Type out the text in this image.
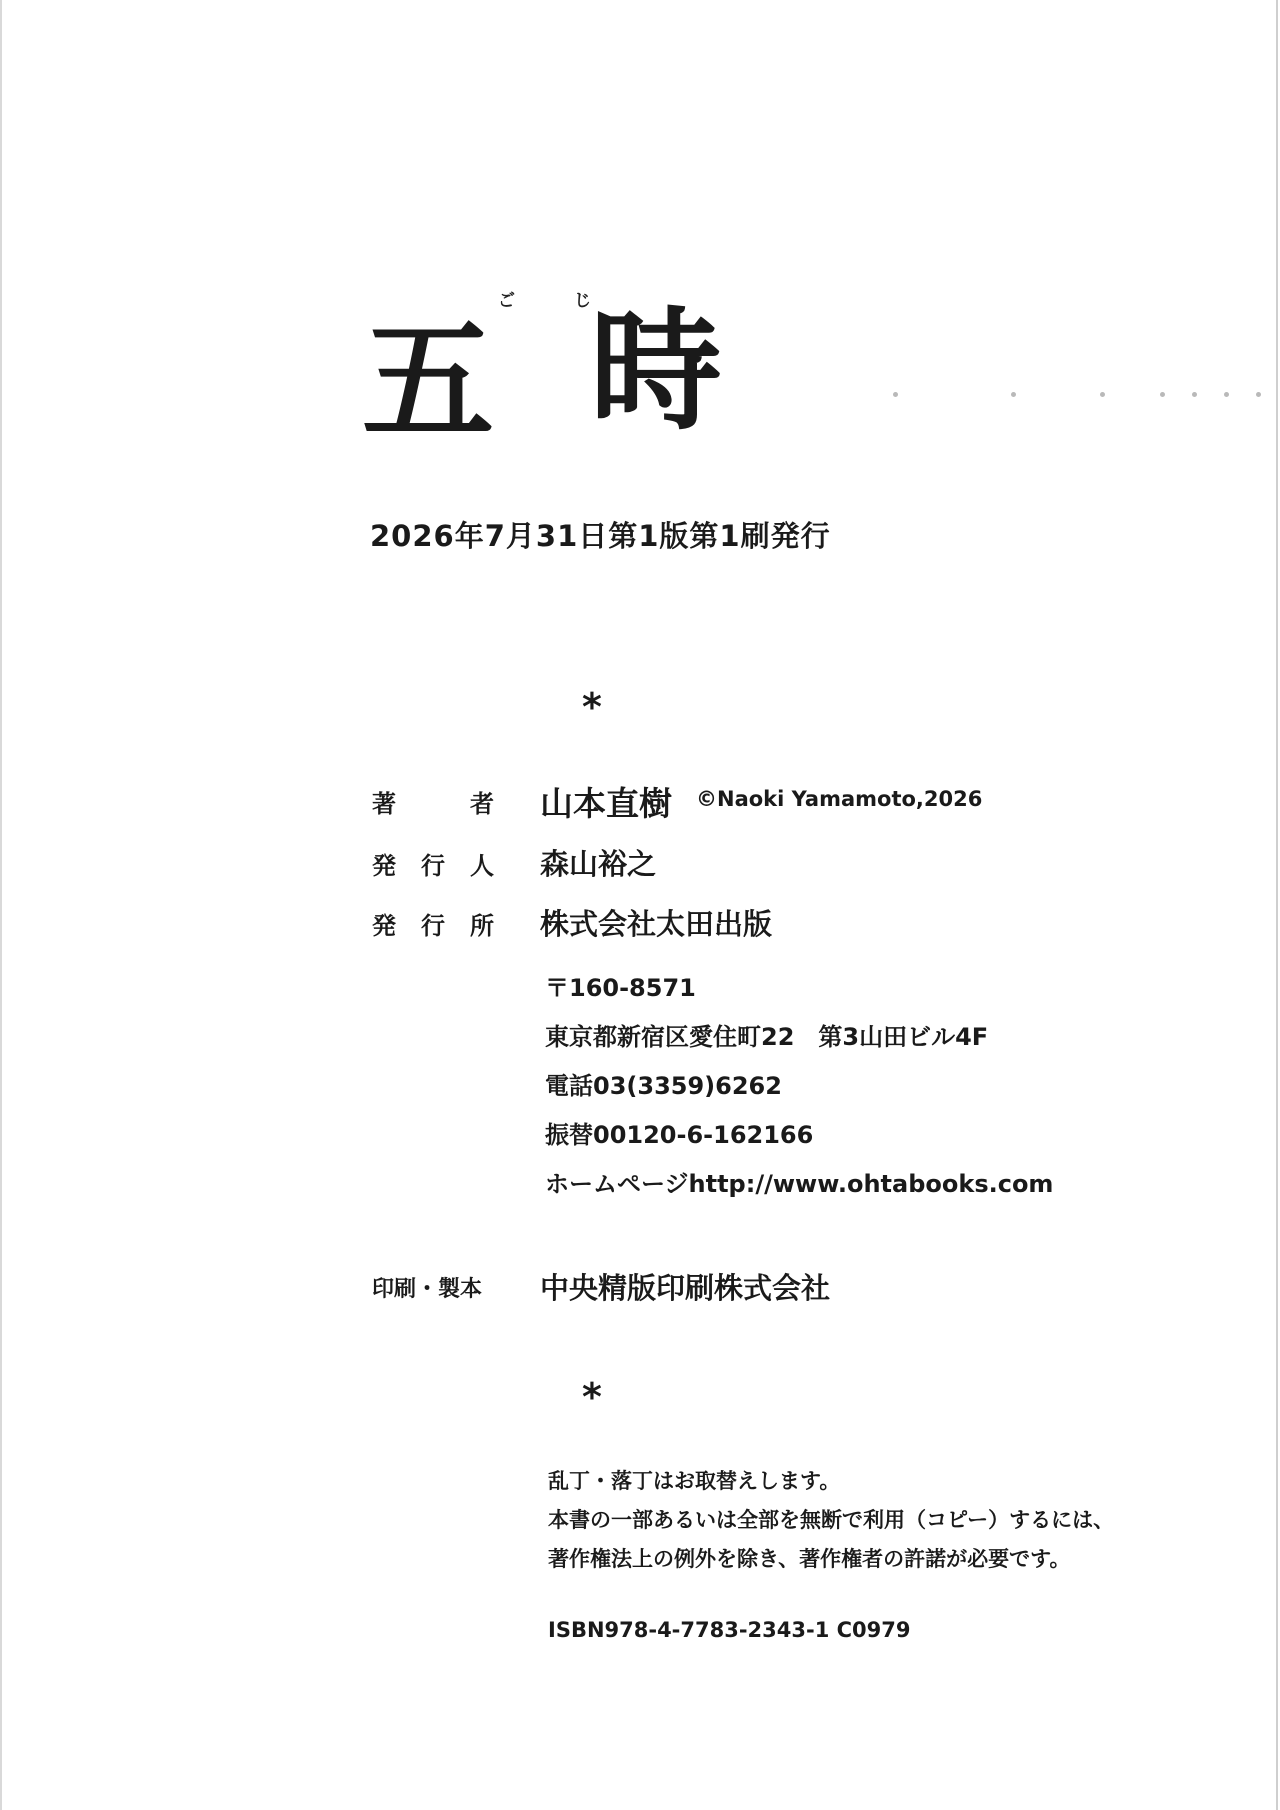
ご	じ
五 時
2026年7月31日第1版第1刷発行
*
著	者 山本直樹 ©Naoki Yamamoto,2026
発 行 人 森山裕之
発 行 所 株式会社太田出版
〒160-8571
東京都新宿区愛住町22　第3山田ビル4F
電話03(3359)6262
振替00120-6-162166
ホームページhttp://www.ohtabooks.com
印刷・製本 中央精版印刷株式会社
*
乱丁・落丁はお取替えします。
本書の一部あるいは全部を無断で利用（コピー）するには、
著作権法上の例外を除き、著作権者の許諾が必要です。
ISBN978-4-7783-2343-1 C0979
